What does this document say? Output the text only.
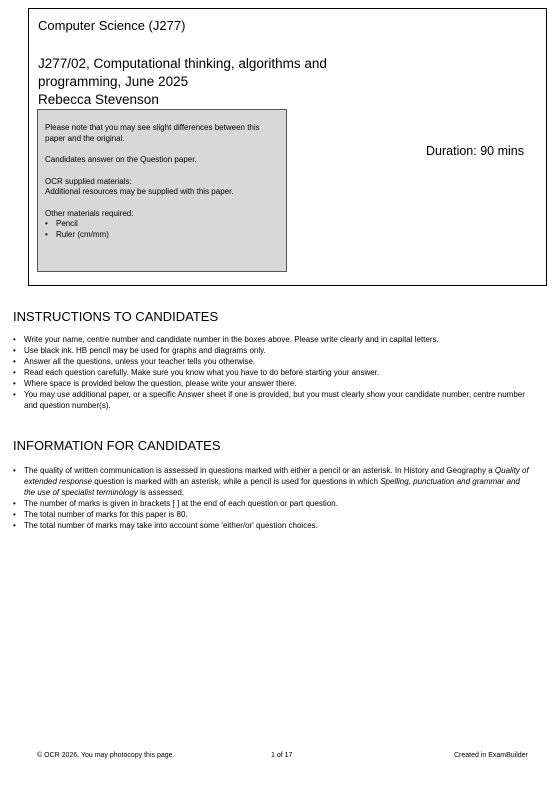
Computer Science (J277)
J277/02, Computational thinking, algorithms and programming, June 2025
Rebecca Stevenson

Please note that you may see slight differences between this paper and the original.

Candidates answer on the Question paper.

OCR supplied materials:

Additional resources may be supplied with this paper.

Other materials required:
• Pencil
• Ruler (cm/mm)
Duration: 90 mins
INSTRUCTIONS TO CANDIDATES
• Write your name, centre number and candidate number in the boxes above. Please write clearly and in capital letters.
• Use black ink. HB pencil may be used for graphs and diagrams only.
• Answer all the questions, unless your teacher tells you otherwise.
• Read each question carefully. Make sure you know what you have to do before starting your answer.
• Where space is provided below the question, please write your answer there.
• You may use additional paper, or a specific Answer sheet if one is provided, but you must clearly show your candidate number, centre number and question number(s).
INFORMATION FOR CANDIDATES
• The quality of written communication is assessed in questions marked with either a pencil or an asterisk. In History and Geography a Quality of extended response question is marked with an asterisk, while a pencil is used for questions in which Spelling, punctuation and grammar and the use of specialist terminology is assessed.
• The number of marks is given in brackets [ ] at the end of each question or part question.
• The total number of marks for this paper is 80.
• The total number of marks may take into account some 'either/or' question choices.
© OCR 2026. You may photocopy this page.	1 of 17	Created in ExamBuilder
